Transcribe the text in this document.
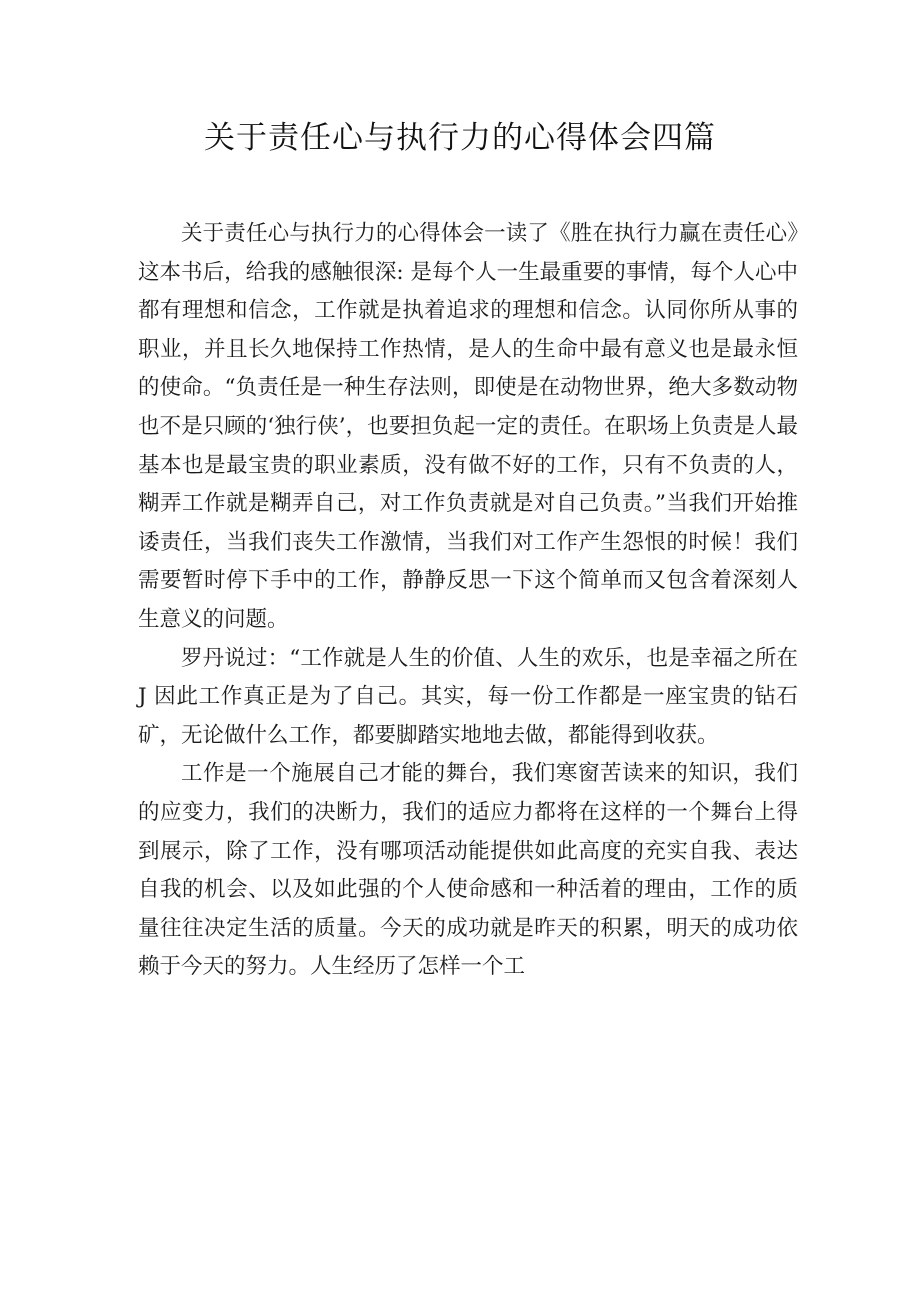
关于责任心与执行力的心得体会四篇

关于责任心与执行力的心得体会一读了《胜在执行力赢在责任心》这本书后，给我的感触很深: 是每个人一生最重要的事情，每个人心中都有理想和信念，工作就是执着追求的理想和信念。认同你所从事的职业，并且长久地保持工作热情，是人的生命中最有意义也是最永恒的使命。“负责任是一种生存法则，即使是在动物世界，绝大多数动物也不是只顾的‘独行侠’，也要担负起一定的责任。在职场上负责是人最基本也是最宝贵的职业素质，没有做不好的工作，只有不负责的人，糊弄工作就是糊弄自己，对工作负责就是对自己负责。”当我们开始推诿责任，当我们丧失工作激情，当我们对工作产生怨恨的时候！我们需要暂时停下手中的工作，静静反思一下这个简单而又包含着深刻人生意义的问题。

罗丹说过：“工作就是人生的价值、人生的欢乐，也是幸福之所在 J 因此工作真正是为了自己。其实，每一份工作都是一座宝贵的钻石矿，无论做什么工作，都要脚踏实地地去做，都能得到收获。

工作是一个施展自己才能的舞台，我们寒窗苦读来的知识，我们的应变力，我们的决断力，我们的适应力都将在这样的一个舞台上得到展示，除了工作，没有哪项活动能提供如此高度的充实自我、表达自我的机会、以及如此强的个人使命感和一种活着的理由，工作的质量往往决定生活的质量。今天的成功就是昨天的积累，明天的成功依赖于今天的努力。人生经历了怎样一个工
